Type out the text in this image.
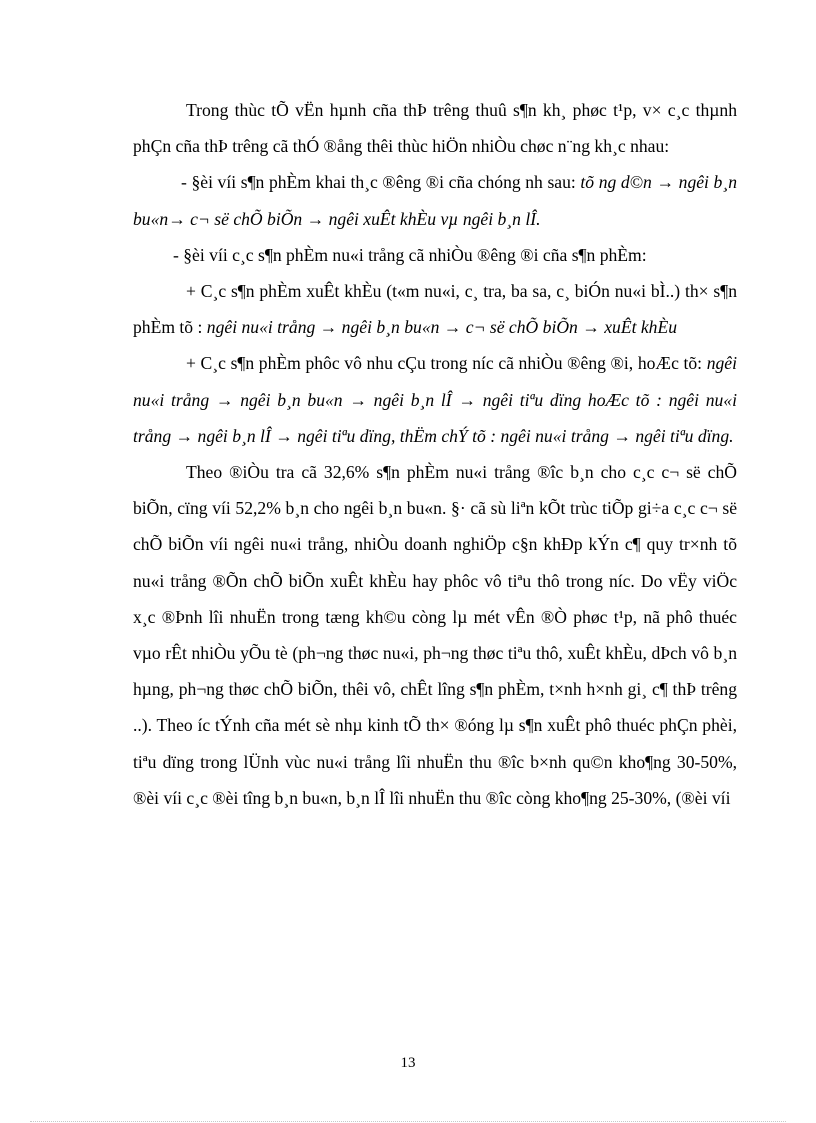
Trong thùc tÕ vËn hµnh cña thÞ trêng thuû s¶n kh¸ phøc t¹p, v× c¸c thµnh phÇn cña thÞ trêng cã thÓ ®ång thêi thùc hiÖn nhiÒu chøc n¨ng kh¸c nhau:

- §èi víi s¶n phÈm khai th¸c ®êng ®i cña chóng nh sau: tõ ng d©n → ngêi b¸n bu«n→ c¬ së chÕ biÕn → ngêi xuÊt khÈu vµ ngêi b¸n lÎ.

- §èi víi c¸c s¶n phÈm nu«i trång cã nhiÒu ®êng ®i cña s¶n phÈm:

+ C¸c s¶n phÈm xuÊt khÈu (t«m nu«i, c¸ tra, ba sa, c¸ biÓn nu«i bÌ..) th× s¶n phÈm tõ : ngêi nu«i trång → ngêi b¸n bu«n → c¬ së chÕ biÕn → xuÊt khÈu

+ C¸c s¶n phÈm phôc vô nhu cÇu trong níc cã nhiÒu ®êng ®i, hoÆc tõ: ngêi nu«i trång → ngêi b¸n bu«n → ngêi b¸n lÎ → ngêi tiªu dïng hoÆc tõ : ngêi nu«i trång → ngêi b¸n lÎ → ngêi tiªu dïng, thËm chÝ tõ : ngêi nu«i trång → ngêi tiªu dïng.

Theo ®iÒu tra cã 32,6% s¶n phÈm nu«i trång ®îc b¸n cho c¸c c¬ së chÕ biÕn, cïng víi 52,2% b¸n cho ngêi b¸n bu«n. §· cã sù liªn kÕt trùc tiÕp gi÷a c¸c c¬ së chÕ biÕn víi ngêi nu«i trång, nhiÒu doanh nghiÖp c§n khÐp kÝn c¶ quy tr×nh tõ nu«i trång ®Õn chÕ biÕn xuÊt khÈu hay phôc vô tiªu thô trong níc. Do vËy viÖc x¸c ®Þnh lîi nhuËn trong tæng kh©u còng lµ mét vÊn ®Ò phøc t¹p, nã phô thuéc vµo rÊt nhiÒu yÕu tè (ph¬ng thøc nu«i, ph¬ng thøc tiªu thô, xuÊt khÈu, dÞch vô b¸n hµng, ph¬ng thøc chÕ biÕn, thêi vô, chÊt lîng s¶n phÈm, t×nh h×nh gi¸ c¶ thÞ trêng ..). Theo íc tÝnh cña mét sè nhµ kinh tÕ th× ®óng lµ s¶n xuÊt phô thuéc phÇn phèi, tiªu dïng trong lÜnh vùc nu«i trång lîi nhuËn thu ®îc b×nh qu©n kho¶ng 30-50%, ®èi víi c¸c ®èi tîng b¸n bu«n, b¸n lÎ lîi nhuËn thu ®îc còng kho¶ng 25-30%, (®èi víi

13
